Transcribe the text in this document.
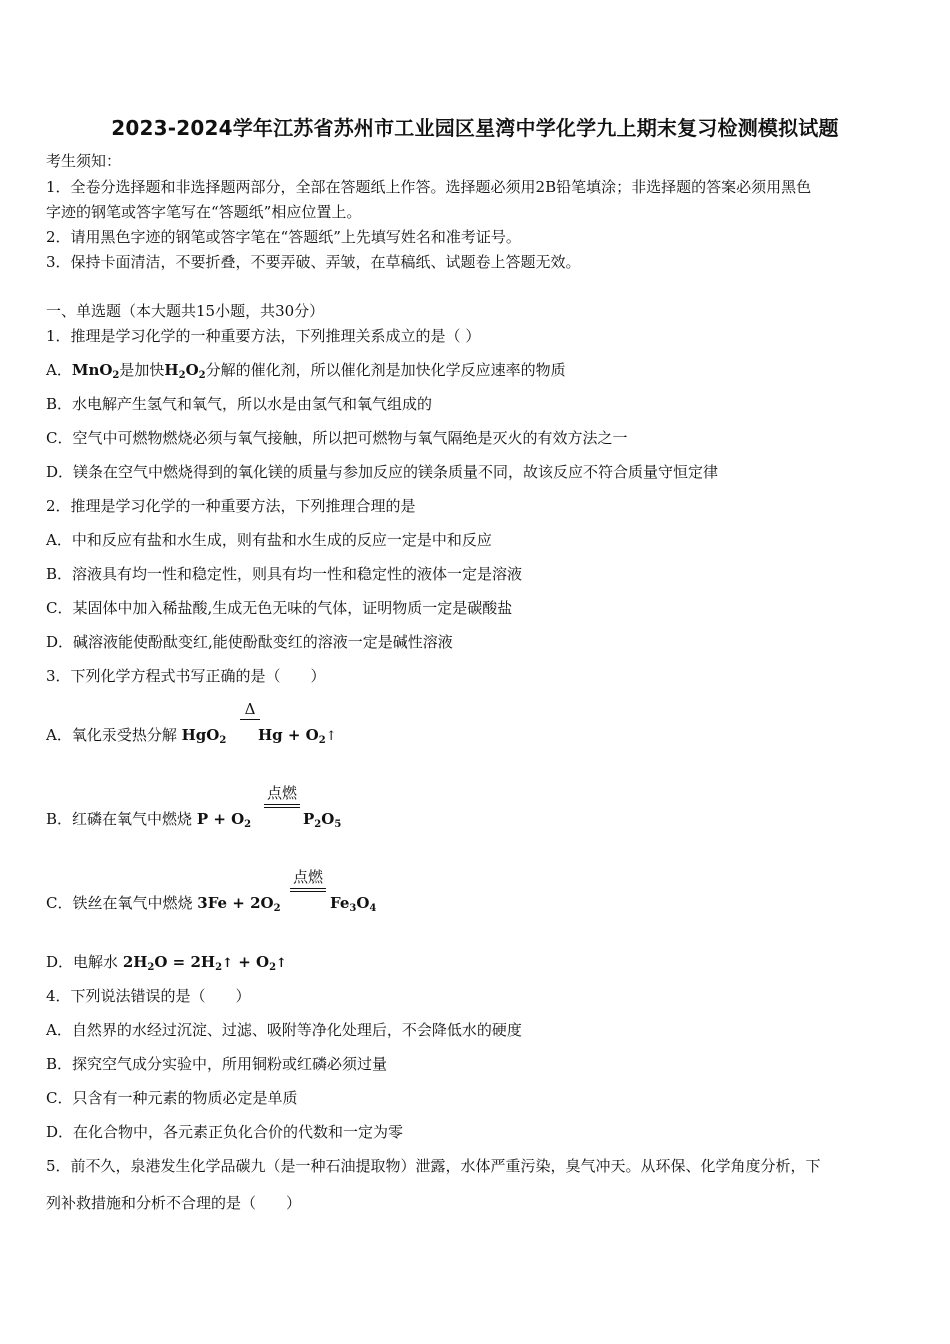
2023-2024学年江苏省苏州市工业园区星湾中学化学九上期末复习检测模拟试题
考生须知：
1．全卷分选择题和非选择题两部分，全部在答题纸上作答。选择题必须用2B铅笔填涂；非选择题的答案必须用黑色
字迹的钢笔或答字笔写在“答题纸”相应位置上。
2．请用黑色字迹的钢笔或答字笔在“答题纸”上先填写姓名和准考证号。
3．保持卡面清洁，不要折叠，不要弄破、弄皱，在草稿纸、试题卷上答题无效。
一、单选题（本大题共15小题，共30分）
1．推理是学习化学的一种重要方法，下列推理关系成立的是（ ）
A．MnO$_2$是加快$H_2O_2$分解的催化剂，所以催化剂是加快化学反应速率的物质
B．水电解产生氢气和氧气，所以水是由氢气和氧气组成的
C．空气中可燃物燃烧必须与氧气接触，所以把可燃物与氧气隔绝是灭火的有效方法之一
D．镁条在空气中燃烧得到的氧化镁的质量与参加反应的镁条质量不同，故该反应不符合质量守恒定律
2．推理是学习化学的一种重要方法，下列推理合理的是
A．中和反应有盐和水生成，则有盐和水生成的反应一定是中和反应
B．溶液具有均一性和稳定性，则具有均一性和稳定性的液体一定是溶液
C．某固体中加入稀盐酸,生成无色无味的气体，证明物质一定是碳酸盐
D．碱溶液能使酚酞变红,能使酚酞变红的溶液一定是碱性溶液
3．下列化学方程式书写正确的是（　　）
A．氧化汞受热分解 HgO$_2$
Δ
$Hg + O_2↑$
B．红磷在氧气中燃烧 $P + O_2$
点燃
$P_2O_5$
C．铁丝在氧气中燃烧 $3Fe + 2O_2$
点燃
$Fe_3O_4$
D．电解水 $2H_2O$ = $2H_2↑$ + $O_2↑$
4．下列说法错误的是（　　）
A．自然界的水经过沉淀、过滤、吸附等净化处理后，不会降低水的硬度
B．探究空气成分实验中，所用铜粉或红磷必须过量
C．只含有一种元素的物质必定是单质
D．在化合物中，各元素正负化合价的代数和一定为零
5．前不久，泉港发生化学品碳九（是一种石油提取物）泄露，水体严重污染，臭气冲天。从环保、化学角度分析，下
列补救措施和分析不合理的是（　　）
